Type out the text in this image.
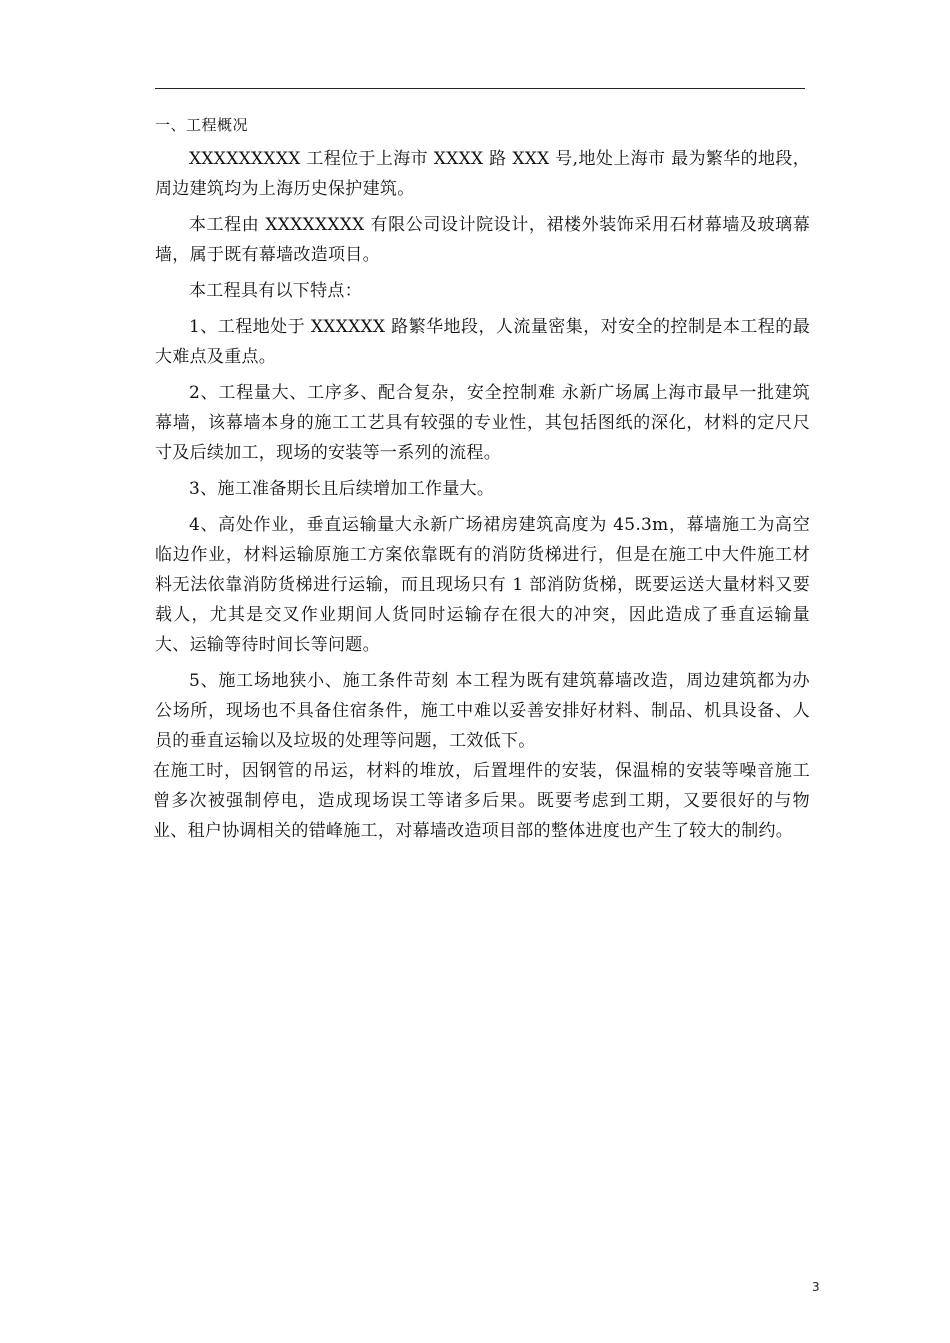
一、工程概况

XXXXXXXXX 工程位于上海市 XXXX 路 XXX 号,地处上海市 最为繁华的地段，周边建筑均为上海历史保护建筑。

本工程由 XXXXXXXX 有限公司设计院设计，裙楼外装饰采用石材幕墙及玻璃幕墙，属于既有幕墙改造项目。

本工程具有以下特点：

1、工程地处于 XXXXXX 路繁华地段，人流量密集，对安全的控制是本工程的最大难点及重点。

2、工程量大、工序多、配合复杂，安全控制难 永新广场属上海市最早一批建筑幕墙，该幕墙本身的施工工艺具有较强的专业性，其包括图纸的深化，材料的定尺尺寸及后续加工，现场的安装等一系列的流程。

3、施工准备期长且后续增加工作量大。

4、高处作业，垂直运输量大永新广场裙房建筑高度为 45.3m，幕墙施工为高空临边作业，材料运输原施工方案依靠既有的消防货梯进行，但是在施工中大件施工材料无法依靠消防货梯进行运输，而且现场只有 1 部消防货梯，既要运送大量材料又要载人，尤其是交叉作业期间人货同时运输存在很大的冲突，因此造成了垂直运输量大、运输等待时间长等问题。

5、施工场地狭小、施工条件苛刻 本工程为既有建筑幕墙改造，周边建筑都为办公场所，现场也不具备住宿条件，施工中难以妥善安排好材料、制品、机具设备、人员的垂直运输以及垃圾的处理等问题，工效低下。

在施工时，因钢管的吊运，材料的堆放，后置埋件的安装，保温棉的安装等噪音施工曾多次被强制停电，造成现场误工等诸多后果。既要考虑到工期，又要很好的与物业、租户协调相关的错峰施工，对幕墙改造项目部的整体进度也产生了较大的制约。

3
